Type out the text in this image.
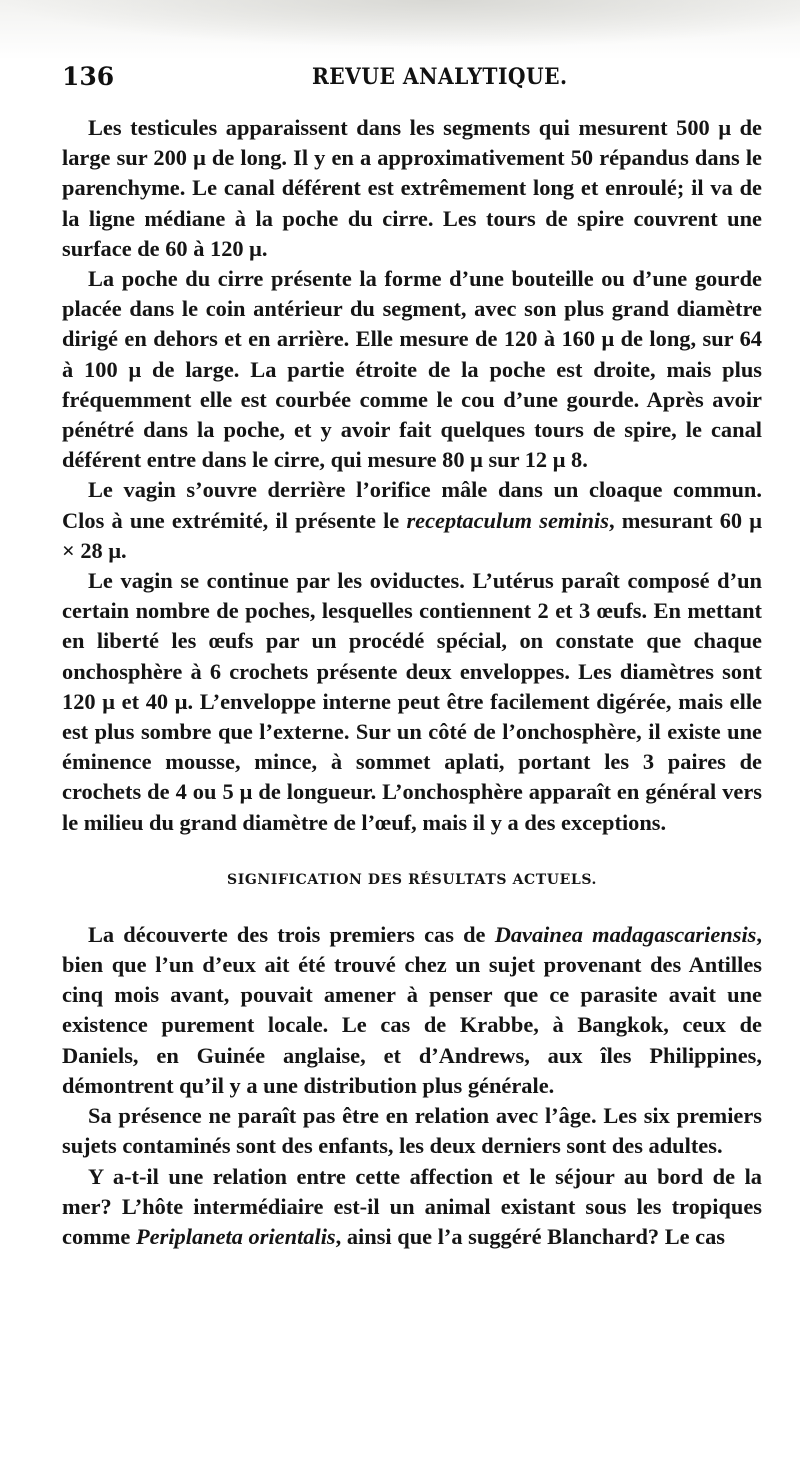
136	REVUE ANALYTIQUE.

Les testicules apparaissent dans les segments qui mesurent 500 μ de large sur 200 μ de long. Il y en a approximativement 50 répandus dans le parenchyme. Le canal déférent est extrêmement long et enroulé; il va de la ligne médiane à la poche du cirre. Les tours de spire couvrent une surface de 60 à 120 μ.

La poche du cirre présente la forme d’une bouteille ou d’une gourde placée dans le coin antérieur du segment, avec son plus grand diamètre dirigé en dehors et en arrière. Elle mesure de 120 à 160 μ de long, sur 64 à 100 μ de large. La partie étroite de la poche est droite, mais plus fréquemment elle est courbée comme le cou d’une gourde. Après avoir pénétré dans la poche, et y avoir fait quelques tours de spire, le canal déférent entre dans le cirre, qui mesure 80 μ sur 12 μ 8.

Le vagin s’ouvre derrière l’orifice mâle dans un cloaque commun. Clos à une extrémité, il présente le receptaculum seminis, mesurant 60 μ × 28 μ.

Le vagin se continue par les oviductes. L’utérus paraît composé d’un certain nombre de poches, lesquelles contiennent 2 et 3 œufs. En mettant en liberté les œufs par un procédé spécial, on constate que chaque onchosphère à 6 crochets présente deux enveloppes. Les diamètres sont 120 μ et 40 μ. L’enveloppe interne peut être facilement digérée, mais elle est plus sombre que l’externe. Sur un côté de l’onchosphère, il existe une éminence mousse, mince, à sommet aplati, portant les 3 paires de crochets de 4 ou 5 μ de longueur. L’onchosphère apparaît en général vers le milieu du grand diamètre de l’œuf, mais il y a des exceptions.

SIGNIFICATION DES RÉSULTATS ACTUELS.

La découverte des trois premiers cas de Davainea madagascariensis, bien que l’un d’eux ait été trouvé chez un sujet provenant des Antilles cinq mois avant, pouvait amener à penser que ce parasite avait une existence purement locale. Le cas de Krabbe, à Bangkok, ceux de Daniels, en Guinée anglaise, et d’Andrews, aux îles Philippines, démontrent qu’il y a une distribution plus générale.

Sa présence ne paraît pas être en relation avec l’âge. Les six premiers sujets contaminés sont des enfants, les deux derniers sont des adultes.

Y a-t-il une relation entre cette affection et le séjour au bord de la mer? L’hôte intermédiaire est-il un animal existant sous les tropiques comme Periplaneta orientalis, ainsi que l’a suggéré Blanchard? Le cas
